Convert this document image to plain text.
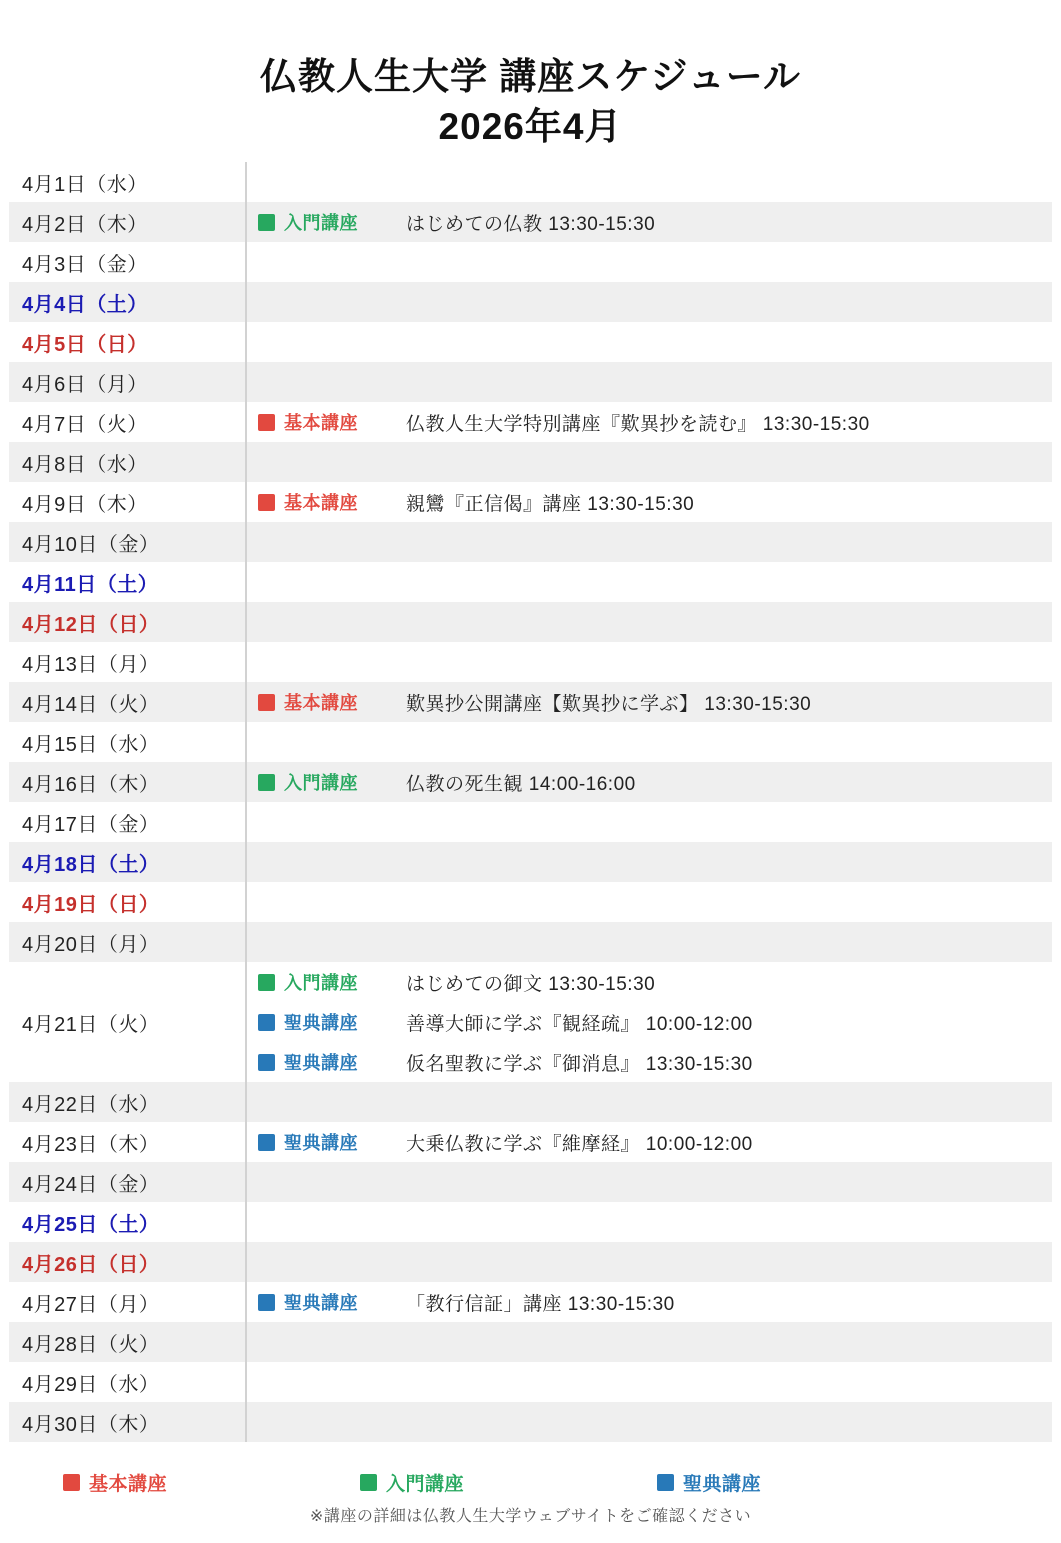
仏教人生大学 講座スケジュール
2026年4月
4月1日（水）
4月2日（木）	入門講座	はじめての仏教 13:30-15:30
4月3日（金）
4月4日（土）
4月5日（日）
4月6日（月）
4月7日（火）	基本講座	仏教人生大学特別講座『歎異抄を読む』 13:30-15:30
4月8日（水）
4月9日（木）	基本講座	親鸞『正信偈』講座 13:30-15:30
4月10日（金）
4月11日（土）
4月12日（日）
4月13日（月）
4月14日（火）	基本講座	歎異抄公開講座【歎異抄に学ぶ】 13:30-15:30
4月15日（水）
4月16日（木）	入門講座	仏教の死生観 14:00-16:00
4月17日（金）
4月18日（土）
4月19日（日）
4月20日（月）
4月21日（火）
入門講座	はじめての御文 13:30-15:30
聖典講座	善導大師に学ぶ『観経疏』 10:00-12:00
聖典講座	仮名聖教に学ぶ『御消息』 13:30-15:30
4月22日（水）
4月23日（木）	聖典講座	大乗仏教に学ぶ『維摩経』 10:00-12:00
4月24日（金）
4月25日（土）
4月26日（日）
4月27日（月）	聖典講座	「教行信証」講座 13:30-15:30
4月28日（火）
4月29日（水）
4月30日（木）
基本講座	入門講座	聖典講座
※講座の詳細は仏教人生大学ウェブサイトをご確認ください
